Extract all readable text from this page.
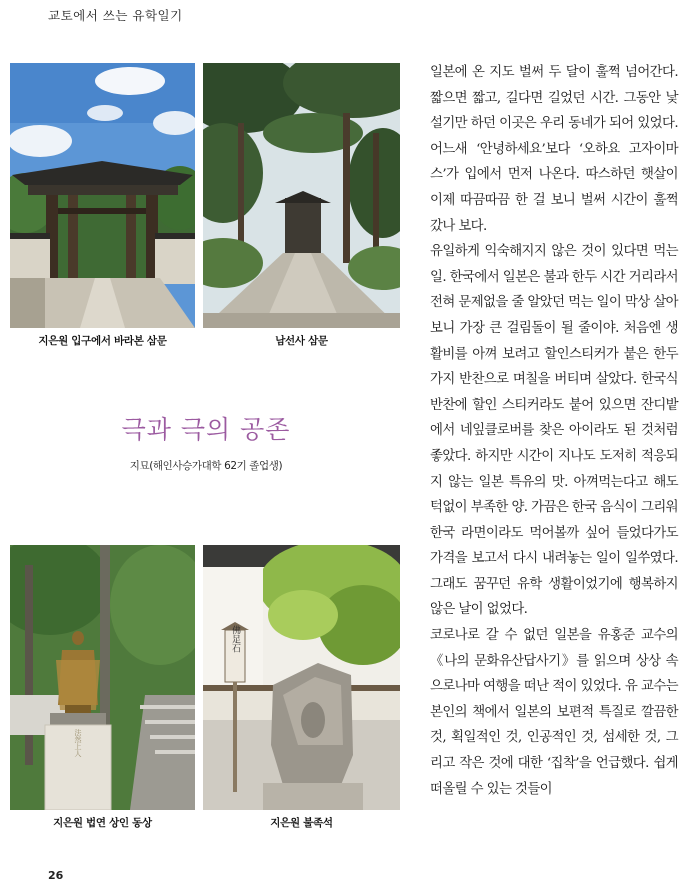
교토에서 쓰는 유학일기
지은원 입구에서 바라본 삼문	남선사 삼문
극과 극의 공존
지묘(해인사승가대학 62기 졸업생)
法然上人
지은원 법연 상인 동상
佛足石
지은원 불족석

일본에 온 지도 벌써 두 달이 훌쩍 넘어간다. 짧으면 짧고, 길다면 길었던 시간. 그동안 낯설기만 하던 이곳은 우리 동네가 되어 있었다. 어느새 ‘안녕하세요’보다 ‘오하요 고자이마스’가 입에서 먼저 나온다. 따스하던 햇살이 이제 따끔따끔 한 걸 보니 벌써 시간이 훌쩍 갔나 보다.

유일하게 익숙해지지 않은 것이 있다면 먹는 일. 한국에서 일본은 불과 한두 시간 거리라서 전혀 문제없을 줄 알았던 먹는 일이 막상 살아보니 가장 큰 걸림돌이 될 줄이야. 처음엔 생활비를 아껴 보려고 할인스티커가 붙은 한두 가지 반찬으로 며칠을 버티며 살았다. 한국식 반찬에 할인 스티커라도 붙어 있으면 잔디밭에서 네잎클로버를 찾은 아이라도 된 것처럼 좋았다. 하지만 시간이 지나도 도저히 적응되지 않는 일본 특유의 맛. 아껴먹는다고 해도 턱없이 부족한 양. 가끔은 한국 음식이 그리워 한국 라면이라도 먹어볼까 싶어 들었다가도 가격을 보고서 다시 내려놓는 일이 일쑤였다. 그래도 꿈꾸던 유학 생활이었기에 행복하지 않은 날이 없었다.

코로나로 갈 수 없던 일본을 유홍준 교수의 《나의 문화유산답사기》를 읽으며 상상 속으로나마 여행을 떠난 적이 있었다. 유 교수는 본인의 책에서 일본의 보편적 특질로 깔끔한 것, 획일적인 것, 인공적인 것, 섬세한 것, 그리고 작은 것에 대한 ‘집착’을 언급했다. 쉽게 떠올릴 수 있는 것들이

26
